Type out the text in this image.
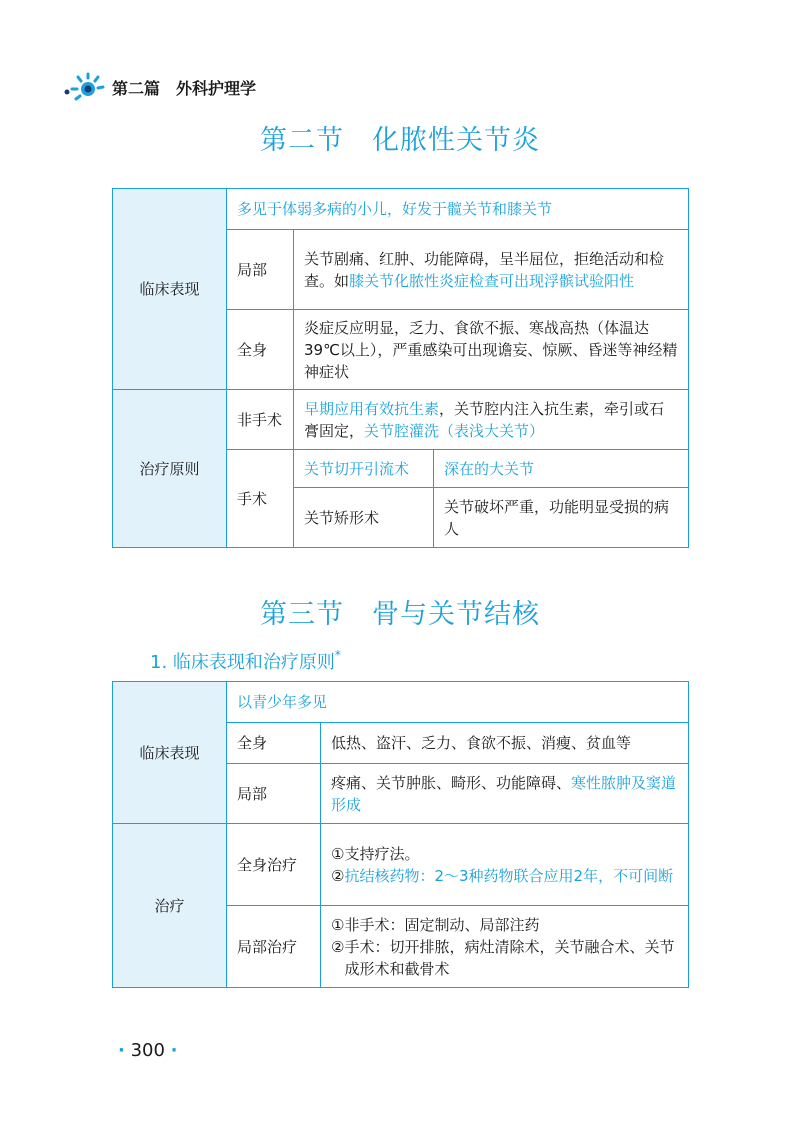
第二篇 外科护理学
第二节 化脓性关节炎
临床表现	多见于体弱多病的小儿，好发于髋关节和膝关节		
	局部	关节剧痛、红肿、功能障碍，呈半屈位，拒绝活动和检查。如膝关节化脓性炎症检查可出现浮髌试验阳性	
	全身	炎症反应明显，乏力、食欲不振、寒战高热（体温达39℃以上），严重感染可出现谵妄、惊厥、昏迷等神经精神症状	
治疗原则	非手术	早期应用有效抗生素，关节腔内注入抗生素，牵引或石膏固定，关节腔灌洗（表浅大关节）	
	手术	关节切开引流术	深在的大关节
		关节矫形术	关节破坏严重，功能明显受损的病人
第三节 骨与关节结核
1. 临床表现和治疗原则*
临床表现	以青少年多见	
	全身	低热、盗汗、乏力、食欲不振、消瘦、贫血等
	局部	疼痛、关节肿胀、畸形、功能障碍、寒性脓肿及窦道形成
治疗	全身治疗	① 支持疗法。
② 抗结核药物：2～3种药物联合应用2年，不可间断

	局部治疗	① 非手术：固定制动、局部注药
② 手术：切开排脓，病灶清除术，关节融合术、关节成形术和截骨术
· 300 ·
